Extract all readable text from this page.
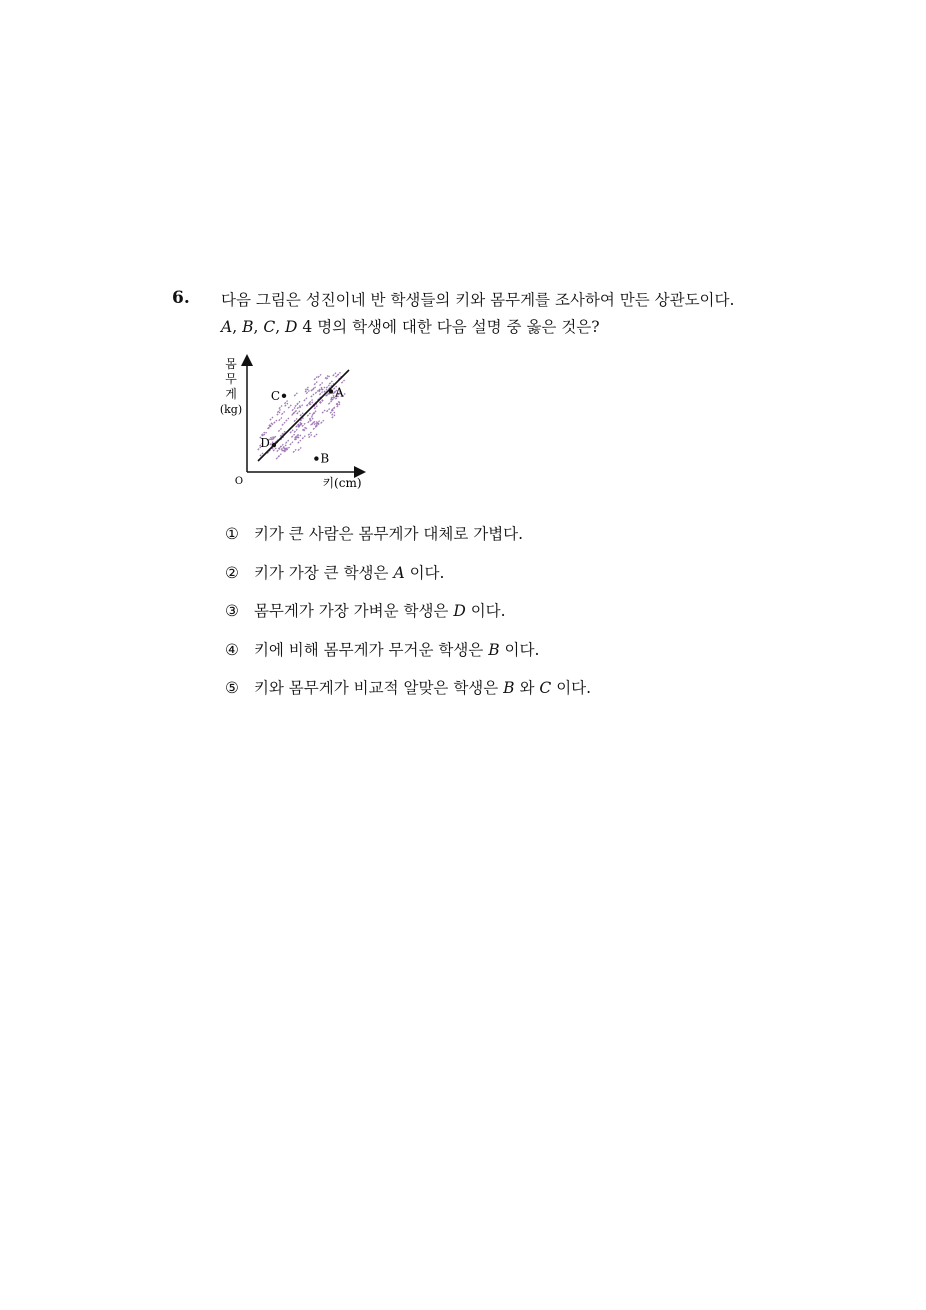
6. 다음 그림은 성진이네 반 학생들의 키와 몸무게를 조사하여 만든 상관도이다.
A, B, C, D 4 명의 학생에 대한 다음 설명 중 옳은 것은?
몸
무
게
(kg)
O	키(cm)
A
B
C
D
① 키가 큰 사람은 몸무게가 대체로 가볍다.
② 키가 가장 큰 학생은 A 이다.
③ 몸무게가 가장 가벼운 학생은 D 이다.
④ 키에 비해 몸무게가 무거운 학생은 B 이다.
⑤ 키와 몸무게가 비교적 알맞은 학생은 B 와 C 이다.
